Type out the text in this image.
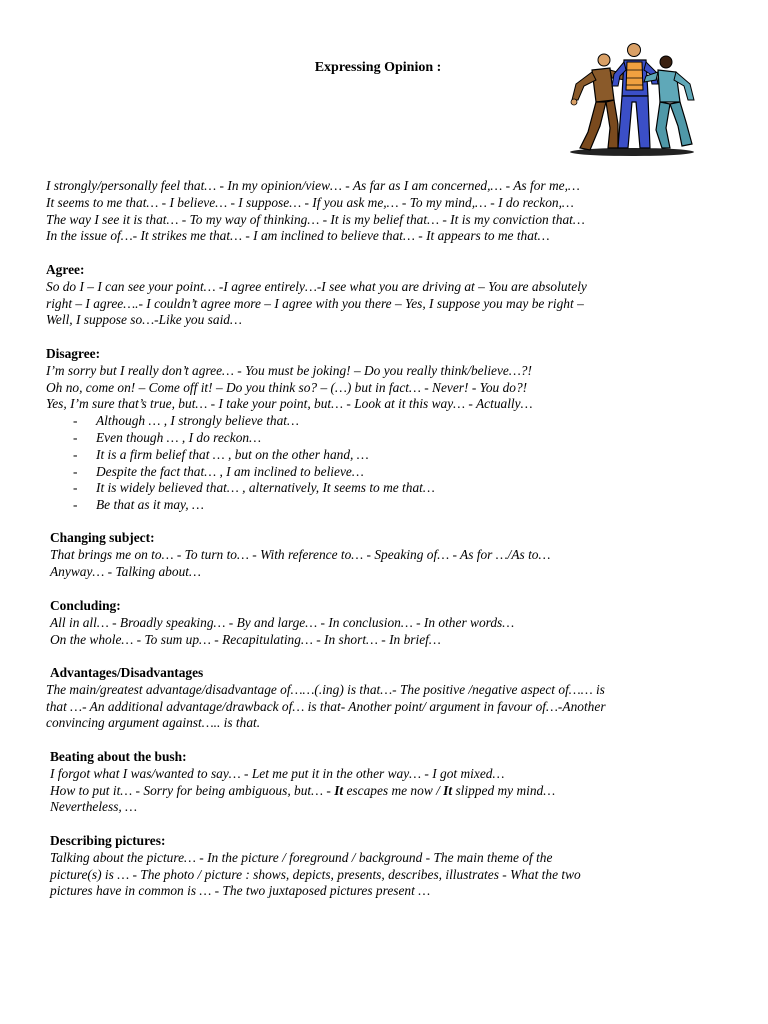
Expressing Opinion :
I strongly/personally feel that… - In my opinion/view… - As far as I am concerned,… - As for me,…
It seems to me that… - I believe… - I suppose… - If you ask me,… - To my mind,… - I do reckon,…
The way I see it is that… - To my way of thinking… - It is my belief that… - It is my conviction that…
In the issue of…- It strikes me that… - I am inclined to believe that… - It appears to me that…
Agree:
So do I – I can see your point… -I agree entirely…-I see what you are driving at – You are absolutely
right – I agree….- I couldn’t agree more – I agree with you there – Yes, I suppose you may be right –
Well, I suppose so…-Like you said…
Disagree:
I’m sorry but I really don’t agree… - You must be joking! – Do you really think/believe…?!
Oh no, come on! – Come off it! – Do you think so? – (…) but in fact… - Never! - You do?!
Yes, I’m sure that’s true, but… - I take your point, but… - Look at it this way… - Actually…
- Although … , I strongly believe that…
- Even though … , I do reckon…
- It is a firm belief that … , but on the other hand, …
- Despite the fact that… , I am inclined to believe…
- It is widely believed that… , alternatively, It seems to me that…
- Be that as it may, …
Changing subject:
That brings me on to… - To turn to… - With reference to… - Speaking of… - As for …/As to…
Anyway… - Talking about…
Concluding:
All in all… - Broadly speaking… - By and large… - In conclusion… - In other words…
On the whole… - To sum up… - Recapitulating… - In short… - In brief…
Advantages/Disadvantages
The main/greatest advantage/disadvantage of……(.ing) is that…- The positive /negative aspect of…… is
that …- An additional advantage/drawback of… is that- Another point/ argument in favour of…-Another
convincing argument against….. is that.
Beating about the bush:
I forgot what I was/wanted to say… - Let me put it in the other way… - I got mixed…
How to put it… - Sorry for being ambiguous, but… - It escapes me now / It slipped my mind…
Nevertheless, …
Describing pictures:
Talking about the picture… - In the picture / foreground / background - The main theme of the
picture(s) is … - The photo / picture : shows, depicts, presents, describes, illustrates - What the two
pictures have in common is … - The two juxtaposed pictures present …
